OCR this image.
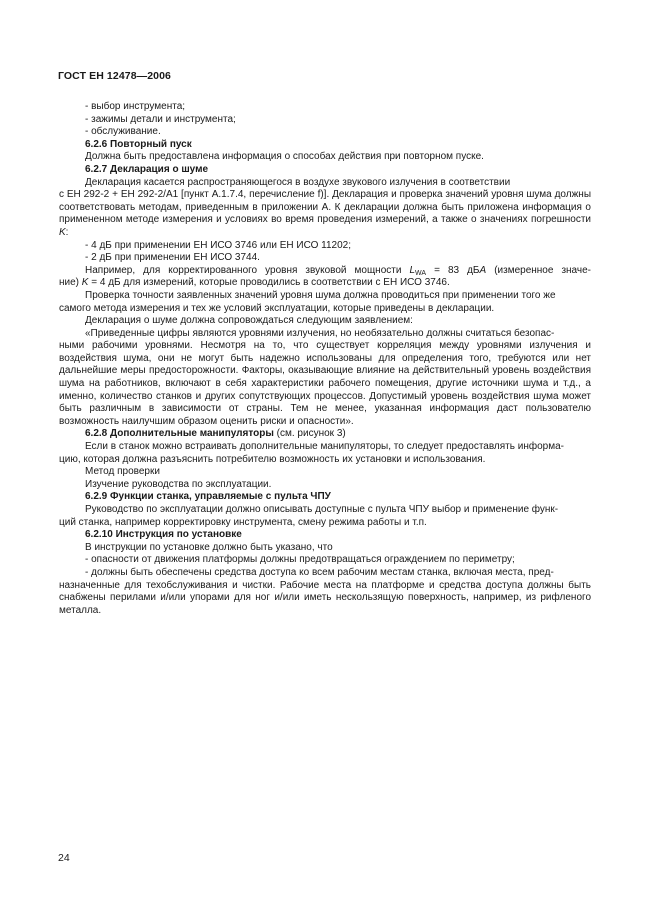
ГОСТ ЕН 12478—2006

- выбор инструмента;

- зажимы детали и инструмента;

- обслуживание.

6.2.6 Повторный пуск

Должна быть предоставлена информация о способах действия при повторном пуске.

6.2.7 Декларация о шуме

Декларация касается распространяющегося в воздухе звукового излучения в соответствии

с ЕН 292-2 + ЕН 292-2/А1 [пункт А.1.7.4, перечисление f)]. Декларация и проверка значений уровня шума должны соответствовать методам, приведенным в приложении А. К декларации должна быть приложена информация о примененном методе измерения и условиях во время проведения измерений, а также о значениях погрешности K:

- 4 дБ при применении ЕН ИСО 3746 или ЕН ИСО 11202;

- 2 дБ при применении ЕН ИСО 3744.

Например, для корректированного уровня звуковой мощности $L_{WA} = 83$ дБA (измеренное значе-

ние) K = 4 дБ для измерений, которые проводились в соответствии с ЕН ИСО 3746.

Проверка точности заявленных значений уровня шума должна проводиться при применении того же

самого метода измерения и тех же условий эксплуатации, которые приведены в декларации.

Декларация о шуме должна сопровождаться следующим заявлением:

«Приведенные цифры являются уровнями излучения, но необязательно должны считаться безопас-

ными рабочими уровнями. Несмотря на то, что существует корреляция между уровнями излучения и воздействия шума, они не могут быть надежно использованы для определения того, требуются или нет дальнейшие меры предосторожности. Факторы, оказывающие влияние на действительный уровень воздействия шума на работников, включают в себя характеристики рабочего помещения, другие источники шума и т.д., а именно, количество станков и других сопутствующих процессов. Допустимый уровень воздействия шума может быть различным в зависимости от страны. Тем не менее, указанная информация даст пользователю возможность наилучшим образом оценить риски и опасности».

6.2.8 Дополнительные манипуляторы (см. рисунок 3)

Если в станок можно встраивать дополнительные манипуляторы, то следует предоставлять информа-

цию, которая должна разъяснить потребителю возможность их установки и использования.

Метод проверки

Изучение руководства по эксплуатации.

6.2.9 Функции станка, управляемые с пульта ЧПУ

Руководство по эксплуатации должно описывать доступные с пульта ЧПУ выбор и применение функ-

ций станка, например корректировку инструмента, смену режима работы и т.п.

6.2.10 Инструкция по установке

В инструкции по установке должно быть указано, что

- опасности от движения платформы должны предотвращаться ограждением по периметру;

- должны быть обеспечены средства доступа ко всем рабочим местам станка, включая места, пред-

назначенные для техобслуживания и чистки. Рабочие места на платформе и средства доступа должны быть снабжены перилами и/или упорами для ног и/или иметь нескользящую поверхность, например, из рифленого металла.

24
